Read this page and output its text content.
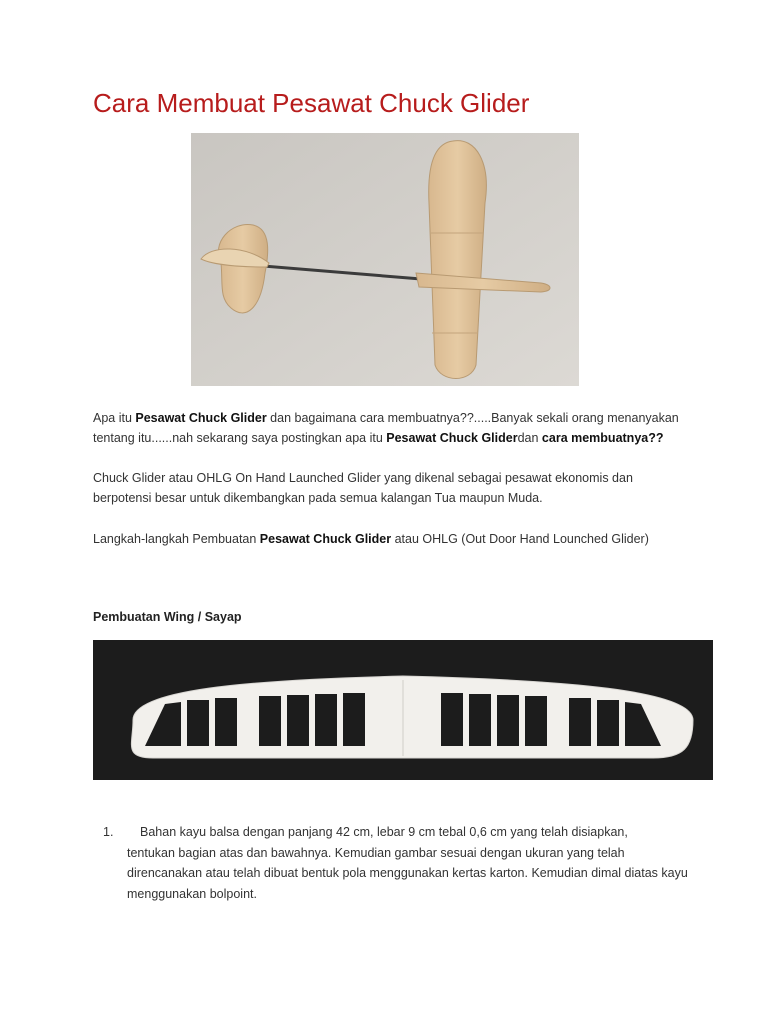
Cara Membuat Pesawat Chuck Glider
Apa itu Pesawat Chuck Glider dan bagaimana cara membuatnya??.....Banyak sekali orang menanyakan tentang itu......nah sekarang saya postingkan apa itu Pesawat Chuck Gliderdan cara membuatnya??
Chuck Glider atau OHLG On Hand Launched Glider yang dikenal sebagai pesawat ekonomis dan berpotensi besar untuk dikembangkan pada semua kalangan Tua maupun Muda.
Langkah-langkah Pembuatan Pesawat Chuck Glider atau OHLG (Out Door Hand Lounched Glider)

Pembuatan Wing / Sayap

1.	Bahan kayu balsa dengan panjang 42 cm, lebar 9 cm tebal 0,6 cm yang telah disiapkan,
tentukan bagian atas dan bawahnya. Kemudian gambar sesuai dengan ukuran yang telah direncanakan atau telah dibuat bentuk pola menggunakan kertas karton. Kemudian dimal diatas kayu menggunakan bolpoint.
